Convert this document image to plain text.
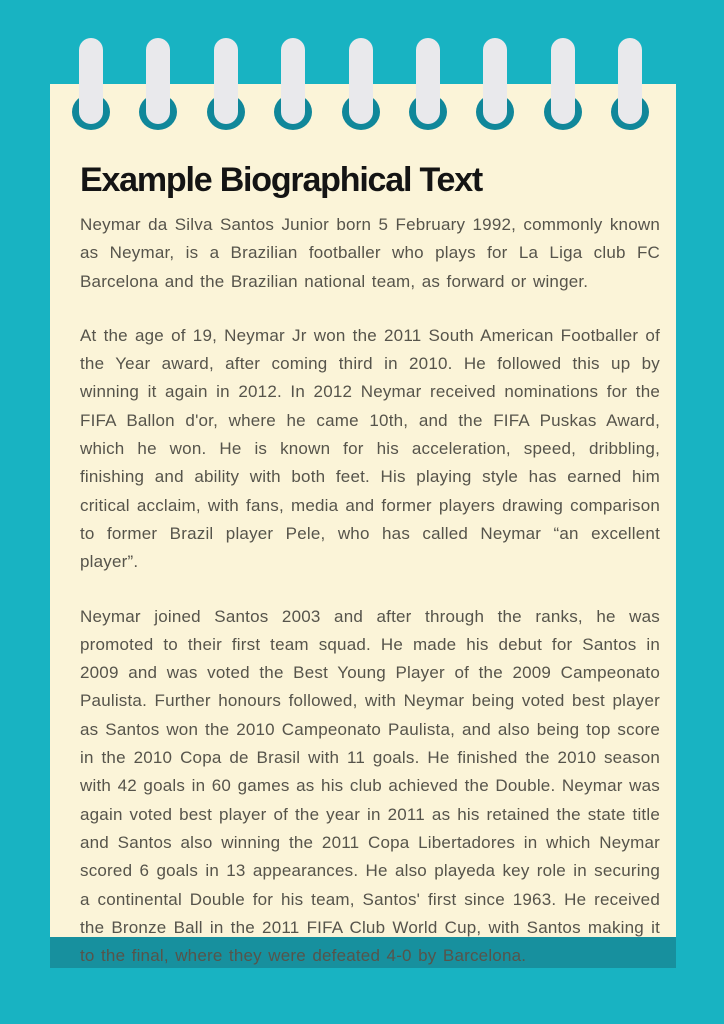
Example Biographical Text

Neymar da Silva Santos Junior born 5 February 1992, commonly known as Neymar, is a Brazilian footballer who plays for La Liga club FC Barcelona and the Brazilian national team, as forward or winger.

At the age of 19, Neymar Jr won the 2011 South American Footballer of the Year award, after coming third in 2010. He followed this up by winning it again in 2012. In 2012 Neymar received nominations for the FIFA Ballon d'or, where he came 10th, and the FIFA Puskas Award, which he won. He is known for his acceleration, speed, dribbling, finishing and ability with both feet. His playing style has earned him critical acclaim, with fans, media and former players drawing comparison to former Brazil player Pele, who has called Neymar “an excellent player”.

Neymar joined Santos 2003 and after through the ranks, he was promoted to their first team squad. He made his debut for Santos in 2009 and was voted the Best Young Player of the 2009 Campeonato Paulista. Further honours followed, with Neymar being voted best player as Santos won the 2010 Campeonato Paulista, and also being top score in the 2010 Copa de Brasil with 11 goals. He finished the 2010 season with 42 goals in 60 games as his club achieved the Double. Neymar was again voted best player of the year in 2011 as his retained the state title and Santos also winning the 2011 Copa Libertadores in which Neymar scored 6 goals in 13 appearances. He also playeda key role in securing a continental Double for his team, Santos' first since 1963. He received the Bronze Ball in the 2011 FIFA Club World Cup, with Santos making it to the final, where they were defeated 4-0 by Barcelona.
